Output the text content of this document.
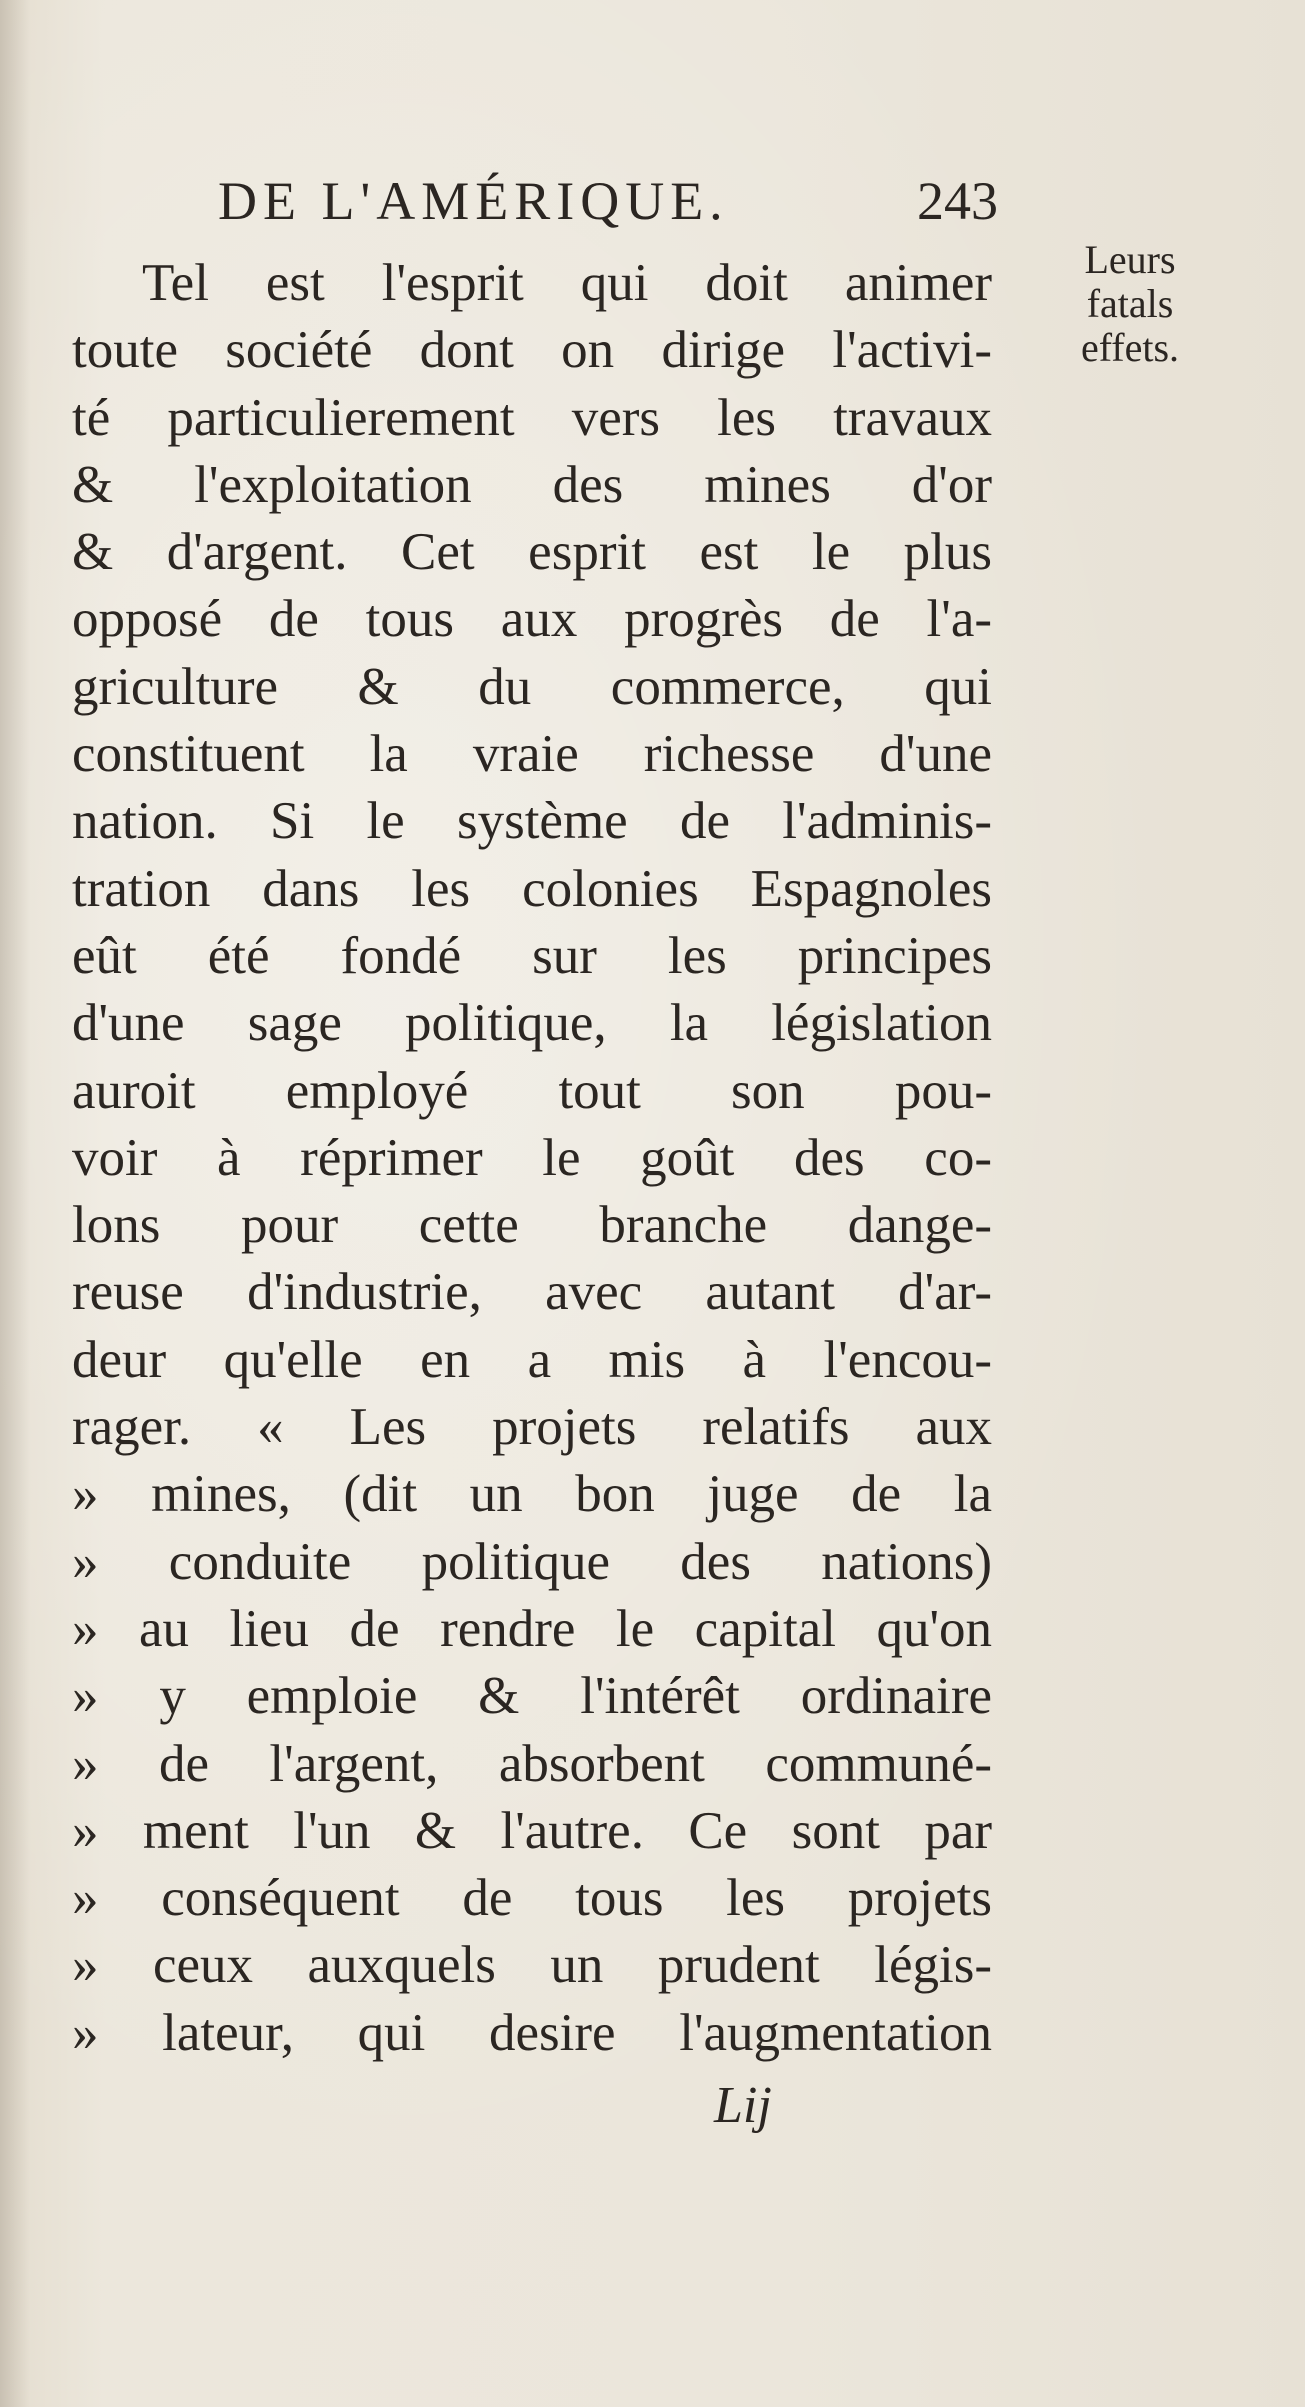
DE L'AMÉRIQUE.	243
Leurs
fatals
effets.
Tel est l'esprit qui doit animer
toute société dont on dirige l'activi-
té particulierement vers les travaux
& l'exploitation des mines d'or
& d'argent. Cet esprit est le plus
opposé de tous aux progrès de l'a-
griculture & du commerce, qui
constituent la vraie richesse d'une
nation. Si le système de l'adminis-
tration dans les colonies Espagnoles
eût été fondé sur les principes
d'une sage politique, la législation
auroit employé tout son pou-
voir à réprimer le goût des co-
lons pour cette branche dange-
reuse d'industrie, avec autant d'ar-
deur qu'elle en a mis à l'encou-
rager. « Les projets relatifs aux
» mines, (dit un bon juge de la
» conduite politique des nations)
» au lieu de rendre le capital qu'on
» y emploie & l'intérêt ordinaire
» de l'argent, absorbent communé-
» ment l'un & l'autre. Ce sont par
» conséquent de tous les projets
» ceux auxquels un prudent légis-
» lateur, qui desire l'augmentation
Lij
